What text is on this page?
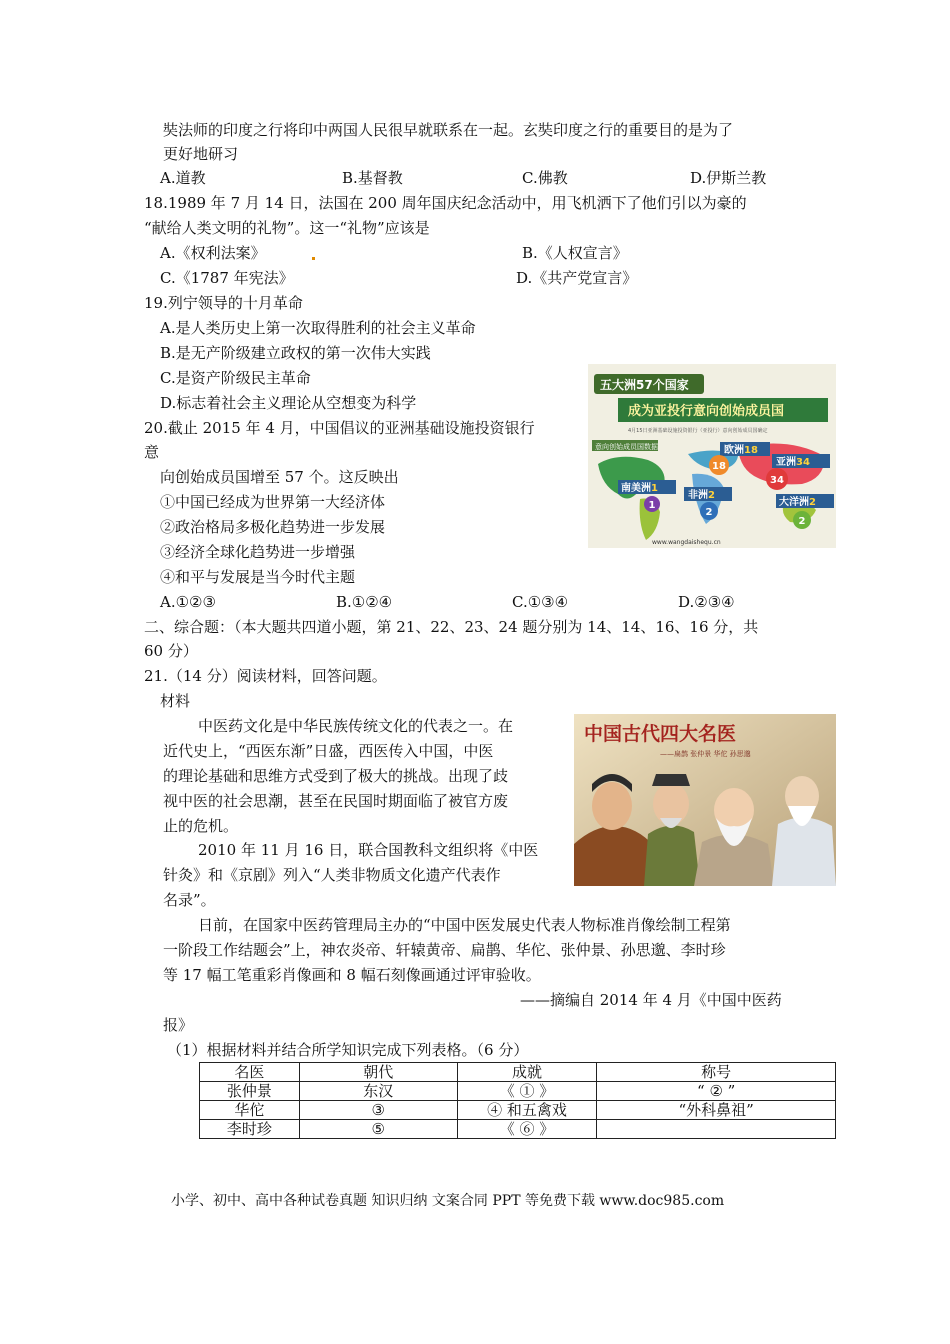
奘法师的印度之行将印中两国人民很早就联系在一起。玄奘印度之行的重要目的是为了
更好地研习
A.道教	B.基督教	C.佛教	D.伊斯兰教
18.1989 年 7 月 14 日，法国在 200 周年国庆纪念活动中，用飞机洒下了他们引以为豪的
“献给人类文明的礼物”。这一“礼物”应该是
A.《权利法案》	B.《人权宣言》
C.《1787 年宪法》	D.《共产党宣言》
19.列宁领导的十月革命
A.是人类历史上第一次取得胜利的社会主义革命
B.是无产阶级建立政权的第一次伟大实践
C.是资产阶级民主革命
D.标志着社会主义理论从空想变为科学
五大洲57个国家
成为亚投行意向创始成员国
4月15日亚洲基础设施投资银行（亚投行）意向创始成员国确定
意向创始成员国数据	欧洲18
亚洲34
南美洲1
非洲2
大洋洲2
18
34
1
2
2
www.wangdaishequ.cn
20.截止 2015 年 4 月，中国倡议的亚洲基础设施投资银行
意
向创始成员国增至 57 个。这反映出
①中国已经成为世界第一大经济体
②政治格局多极化趋势进一步发展
③经济全球化趋势进一步增强
④和平与发展是当今时代主题
A.①②③	B.①②④	C.①③④	D.②③④
二、综合题：（本大题共四道小题，第 21、22、23、24 题分别为 14、14、16、16 分，共
60 分）
21.（14 分）阅读材料，回答问题。
材料
中医药文化是中华民族传统文化的代表之一。在
近代史上，“西医东渐”日盛，西医传入中国，中医
的理论基础和思维方式受到了极大的挑战。出现了歧
视中医的社会思潮，甚至在民国时期面临了被官方废
止的危机。
2010 年 11 月 16 日，联合国教科文组织将《中医
针灸》和《京剧》列入“人类非物质文化遗产代表作
名录”。
中国古代四大名医
——扁鹊 张仲景 华佗 孙思邈
日前，在国家中医药管理局主办的“中国中医发展史代表人物标准肖像绘制工程第
一阶段工作结题会”上，神农炎帝、轩辕黄帝、扁鹊、华佗、张仲景、孙思邈、李时珍
等 17 幅工笔重彩肖像画和 8 幅石刻像画通过评审验收。
——摘编自 2014 年 4 月《中国中医药
报》
（1）根据材料并结合所学知识完成下列表格。（6 分）
名医	朝代	成就	称号
张仲景	东汉	《 ① 》	“ ② ”
华佗	③	④ 和五禽戏	“外科鼻祖”
李时珍	⑤	《 ⑥ 》	
小学、初中、高中各种试卷真题 知识归纳 文案合同 PPT 等免费下载 www.doc985.com
